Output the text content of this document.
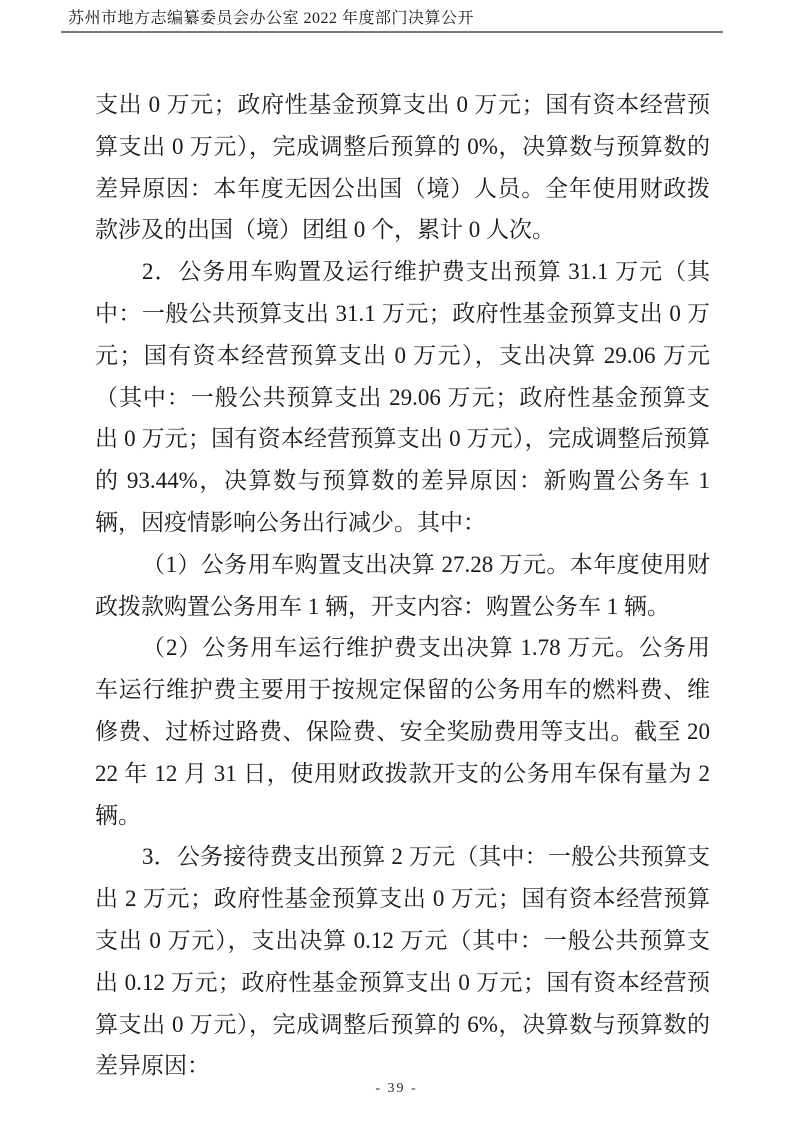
苏州市地方志编纂委员会办公室 2022 年度部门决算公开

支出 0 万元；政府性基金预算支出 0 万元；国有资本经营预算支出 0 万元），完成调整后预算的 0%，决算数与预算数的差异原因：本年度无因公出国（境）人员。全年使用财政拨款涉及的出国（境）团组 0 个，累计 0 人次。

2．公务用车购置及运行维护费支出预算 31.1 万元（其中：一般公共预算支出 31.1 万元；政府性基金预算支出 0 万元；国有资本经营预算支出 0 万元），支出决算 29.06 万元（其中：一般公共预算支出 29.06 万元；政府性基金预算支出 0 万元；国有资本经营预算支出 0 万元），完成调整后预算的 93.44%，决算数与预算数的差异原因：新购置公务车 1 辆，因疫情影响公务出行减少。其中：

（1）公务用车购置支出决算 27.28 万元。本年度使用财政拨款购置公务用车 1 辆，开支内容：购置公务车 1 辆。

（2）公务用车运行维护费支出决算 1.78 万元。公务用车运行维护费主要用于按规定保留的公务用车的燃料费、维修费、过桥过路费、保险费、安全奖励费用等支出。截至 2022 年 12 月 31 日，使用财政拨款开支的公务用车保有量为 2 辆。

3．公务接待费支出预算 2 万元（其中：一般公共预算支出 2 万元；政府性基金预算支出 0 万元；国有资本经营预算支出 0 万元），支出决算 0.12 万元（其中：一般公共预算支出 0.12 万元；政府性基金预算支出 0 万元；国有资本经营预算支出 0 万元），完成调整后预算的 6%，决算数与预算数的差异原因：

- 39 -
